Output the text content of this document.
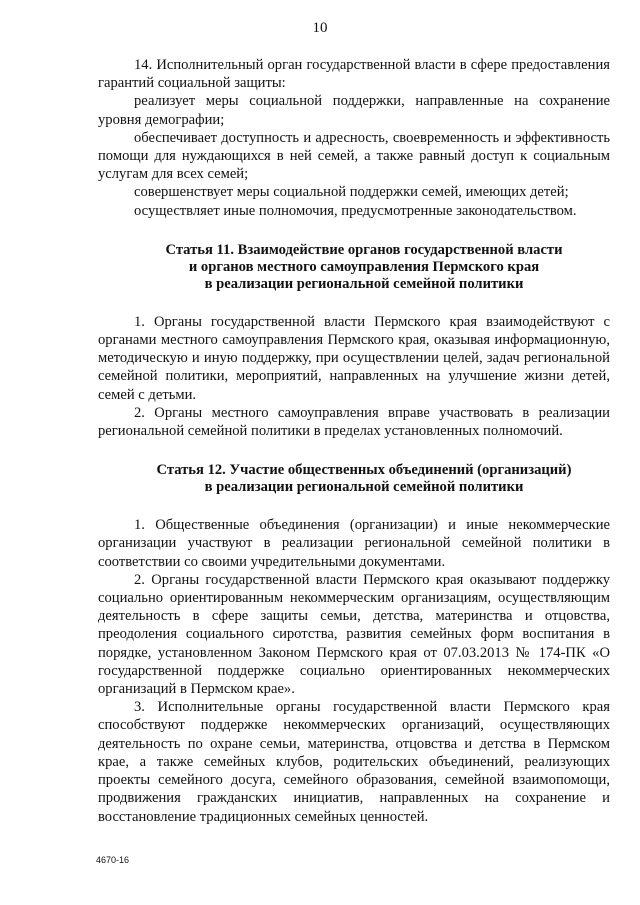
10

14. Исполнительный орган государственной власти в сфере предоставления гарантий социальной защиты:

реализует меры социальной поддержки, направленные на сохранение уровня демографии;

обеспечивает доступность и адресность, своевременность и эффективность помощи для нуждающихся в ней семей, а также равный доступ к социальным услугам для всех семей;

совершенствует меры социальной поддержки семей, имеющих детей;

осуществляет иные полномочия, предусмотренные законодательством.

Статья 11. Взаимодействие органов государственной власти
и органов местного самоуправления Пермского края
в реализации региональной семейной политики

1. Органы государственной власти Пермского края взаимодействуют с органами местного самоуправления Пермского края, оказывая информационную, методическую и иную поддержку, при осуществлении целей, задач региональной семейной политики, мероприятий, направленных на улучшение жизни детей, семей с детьми.

2. Органы местного самоуправления вправе участвовать в реализации региональной семейной политики в пределах установленных полномочий.

Статья 12. Участие общественных объединений (организаций)
в реализации региональной семейной политики

1. Общественные объединения (организации) и иные некоммерческие организации участвуют в реализации региональной семейной политики в соответствии со своими учредительными документами.

2. Органы государственной власти Пермского края оказывают поддержку социально ориентированным некоммерческим организациям, осуществляющим деятельность в сфере защиты семьи, детства, материнства и отцовства, преодоления социального сиротства, развития семейных форм воспитания в порядке, установленном Законом Пермского края от 07.03.2013 № 174-ПК «О государственной поддержке социально ориентированных некоммерческих организаций в Пермском крае».

3. Исполнительные органы государственной власти Пермского края способствуют поддержке некоммерческих организаций, осуществляющих деятельность по охране семьи, материнства, отцовства и детства в Пермском крае, а также семейных клубов, родительских объединений, реализующих проекты семейного досуга, семейного образования, семейной взаимопомощи, продвижения гражданских инициатив, направленных на сохранение и восстановление традиционных семейных ценностей.

4670-16
